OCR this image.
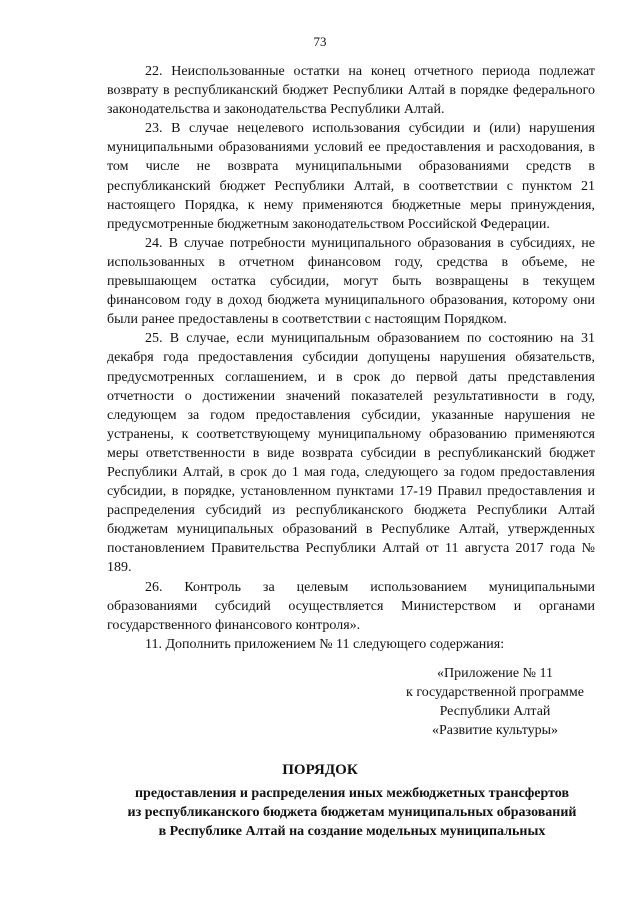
73

22. Неиспользованные остатки на конец отчетного периода подлежат возврату в республиканский бюджет Республики Алтай в порядке федерального законодательства и законодательства Республики Алтай.

23. В случае нецелевого использования субсидии и (или) нарушения муниципальными образованиями условий ее предоставления и расходования, в том числе не возврата муниципальными образованиями средств в республиканский бюджет Республики Алтай, в соответствии с пунктом 21 настоящего Порядка, к нему применяются бюджетные меры принуждения, предусмотренные бюджетным законодательством Российской Федерации.

24. В случае потребности муниципального образования в субсидиях, не использованных в отчетном финансовом году, средства в объеме, не превышающем остатка субсидии, могут быть возвращены в текущем финансовом году в доход бюджета муниципального образования, которому они были ранее предоставлены в соответствии с настоящим Порядком.

25. В случае, если муниципальным образованием по состоянию на 31 декабря года предоставления субсидии допущены нарушения обязательств, предусмотренных соглашением, и в срок до первой даты представления отчетности о достижении значений показателей результативности в году, следующем за годом предоставления субсидии, указанные нарушения не устранены, к соответствующему муниципальному образованию применяются меры ответственности в виде возврата субсидии в республиканский бюджет Республики Алтай, в срок до 1 мая года, следующего за годом предоставления субсидии, в порядке, установленном пунктами 17-19 Правил предоставления и распределения субсидий из республиканского бюджета Республики Алтай бюджетам муниципальных образований в Республике Алтай, утвержденных постановлением Правительства Республики Алтай от 11 августа 2017 года № 189.

26. Контроль за целевым использованием муниципальными образованиями субсидий осуществляется Министерством и органами государственного финансового контроля».

11. Дополнить приложением № 11 следующего содержания:

«Приложение № 11
к государственной программе
Республики Алтай
«Развитие культуры»
ПОРЯДОК
предоставления и распределения иных межбюджетных трансфертов
из республиканского бюджета бюджетам муниципальных образований
в Республике Алтай на создание модельных муниципальных
